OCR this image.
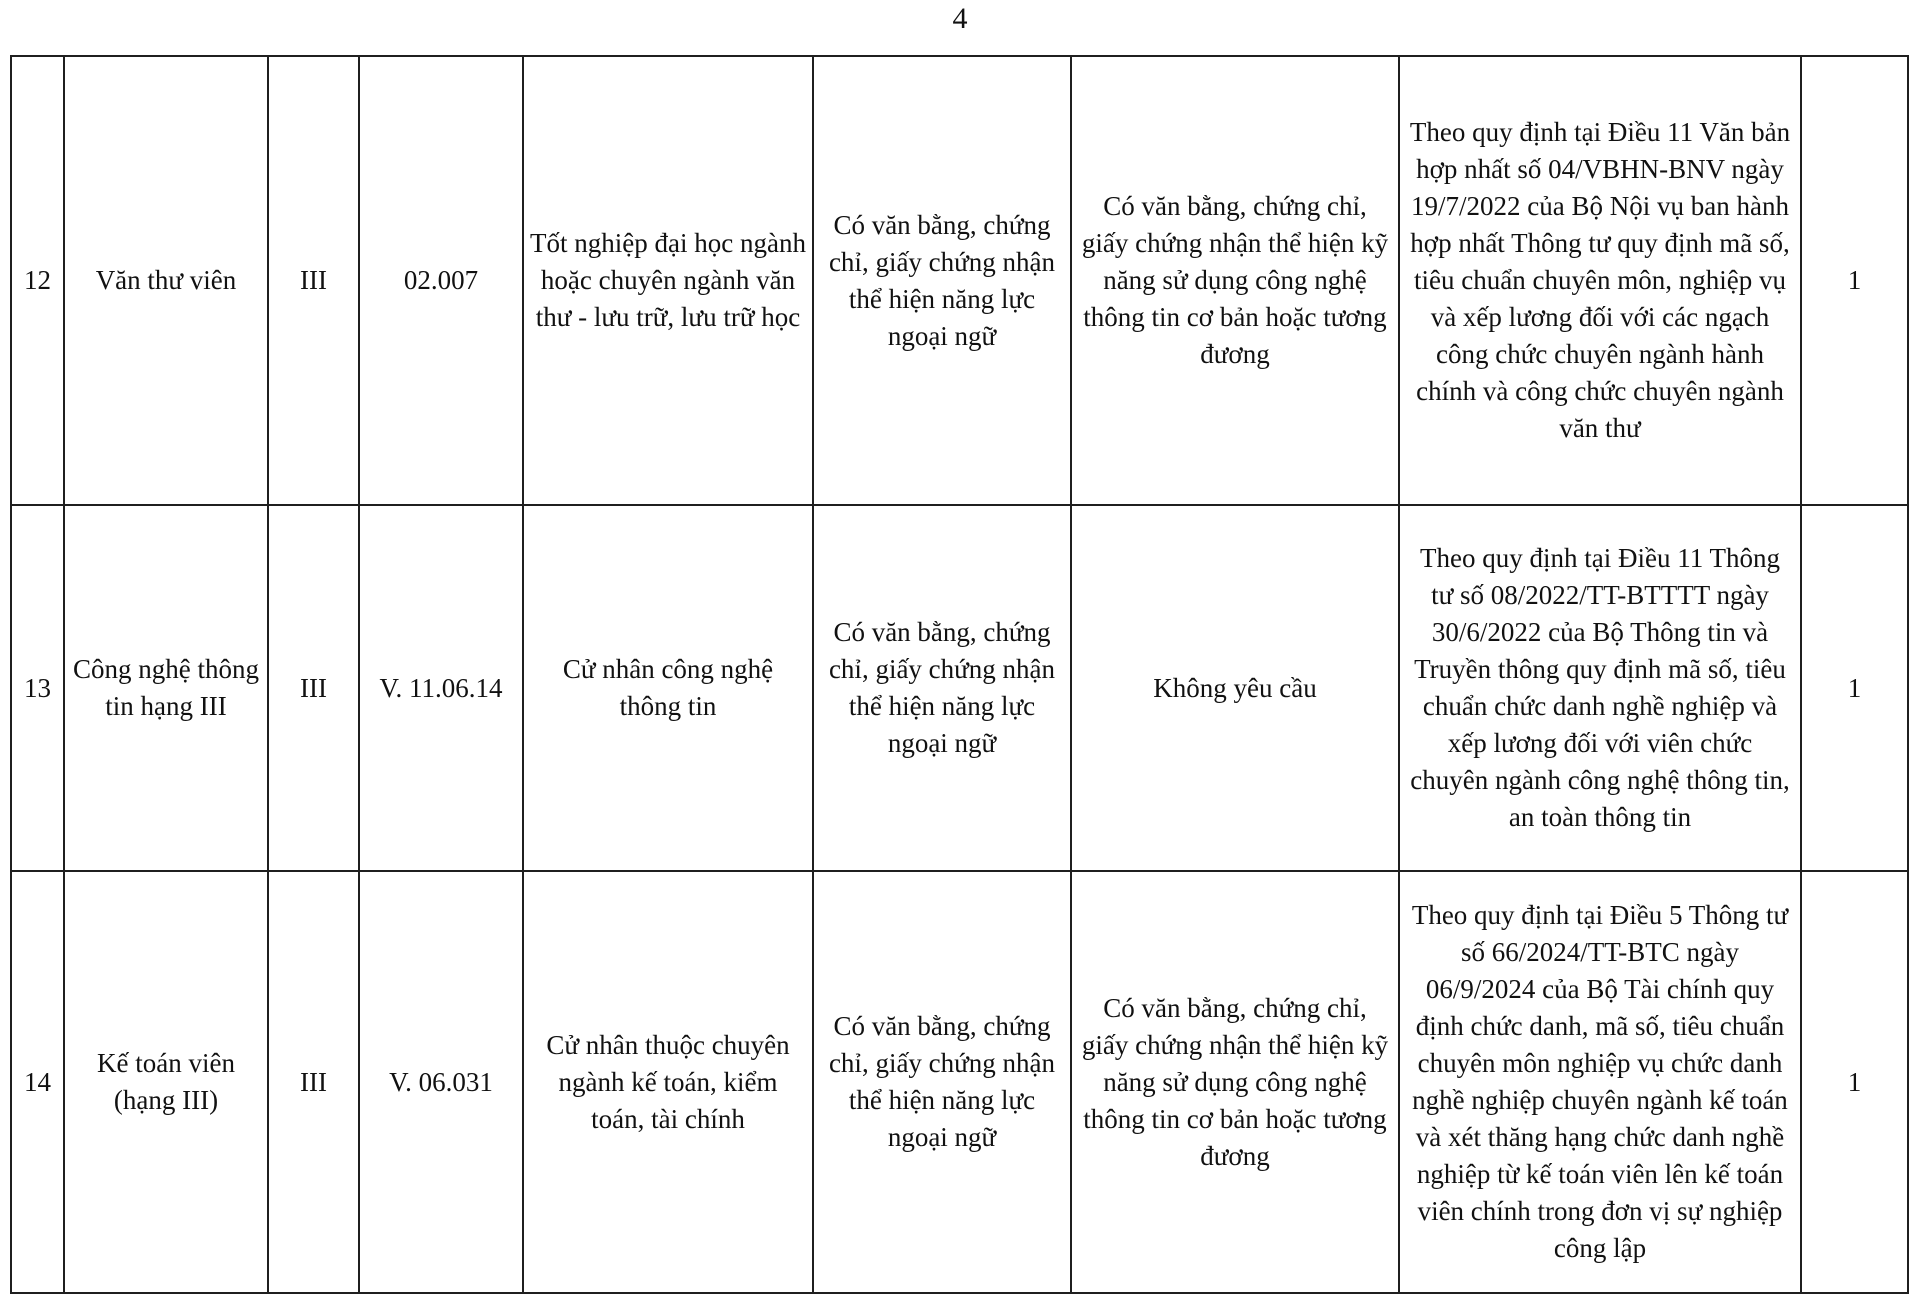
4
12	Văn thư viên	III	02.007	Tốt nghiệp đại học ngành hoặc chuyên ngành văn thư - lưu trữ, lưu trữ học	Có văn bằng, chứng chỉ, giấy chứng nhận thể hiện năng lực ngoại ngữ	Có văn bằng, chứng chỉ, giấy chứng nhận thể hiện kỹ năng sử dụng công nghệ thông tin cơ bản hoặc tương đương	Theo quy định tại Điều 11 Văn bản hợp nhất số 04/VBHN-BNV ngày 19/7/2022 của Bộ Nội vụ ban hành hợp nhất Thông tư quy định mã số, tiêu chuẩn chuyên môn, nghiệp vụ và xếp lương đối với các ngạch công chức chuyên ngành hành chính và công chức chuyên ngành văn thư	1
13	Công nghệ thông tin hạng III	III	V. 11.06.14	Cử nhân công nghệ thông tin	Có văn bằng, chứng chỉ, giấy chứng nhận thể hiện năng lực ngoại ngữ	Không yêu cầu	Theo quy định tại Điều 11 Thông tư số 08/2022/TT-BTTTT ngày 30/6/2022 của Bộ Thông tin và Truyền thông quy định mã số, tiêu chuẩn chức danh nghề nghiệp và xếp lương đối với viên chức chuyên ngành công nghệ thông tin, an toàn thông tin	1
14	Kế toán viên (hạng III)	III	V. 06.031	Cử nhân thuộc chuyên ngành kế toán, kiểm toán, tài chính	Có văn bằng, chứng chỉ, giấy chứng nhận thể hiện năng lực ngoại ngữ	Có văn bằng, chứng chỉ, giấy chứng nhận thể hiện kỹ năng sử dụng công nghệ thông tin cơ bản hoặc tương đương	Theo quy định tại Điều 5 Thông tư số 66/2024/TT-BTC ngày 06/9/2024 của Bộ Tài chính quy định chức danh, mã số, tiêu chuẩn chuyên môn nghiệp vụ chức danh nghề nghiệp chuyên ngành kế toán và xét thăng hạng chức danh nghề nghiệp từ kế toán viên lên kế toán viên chính trong đơn vị sự nghiệp công lập	1
